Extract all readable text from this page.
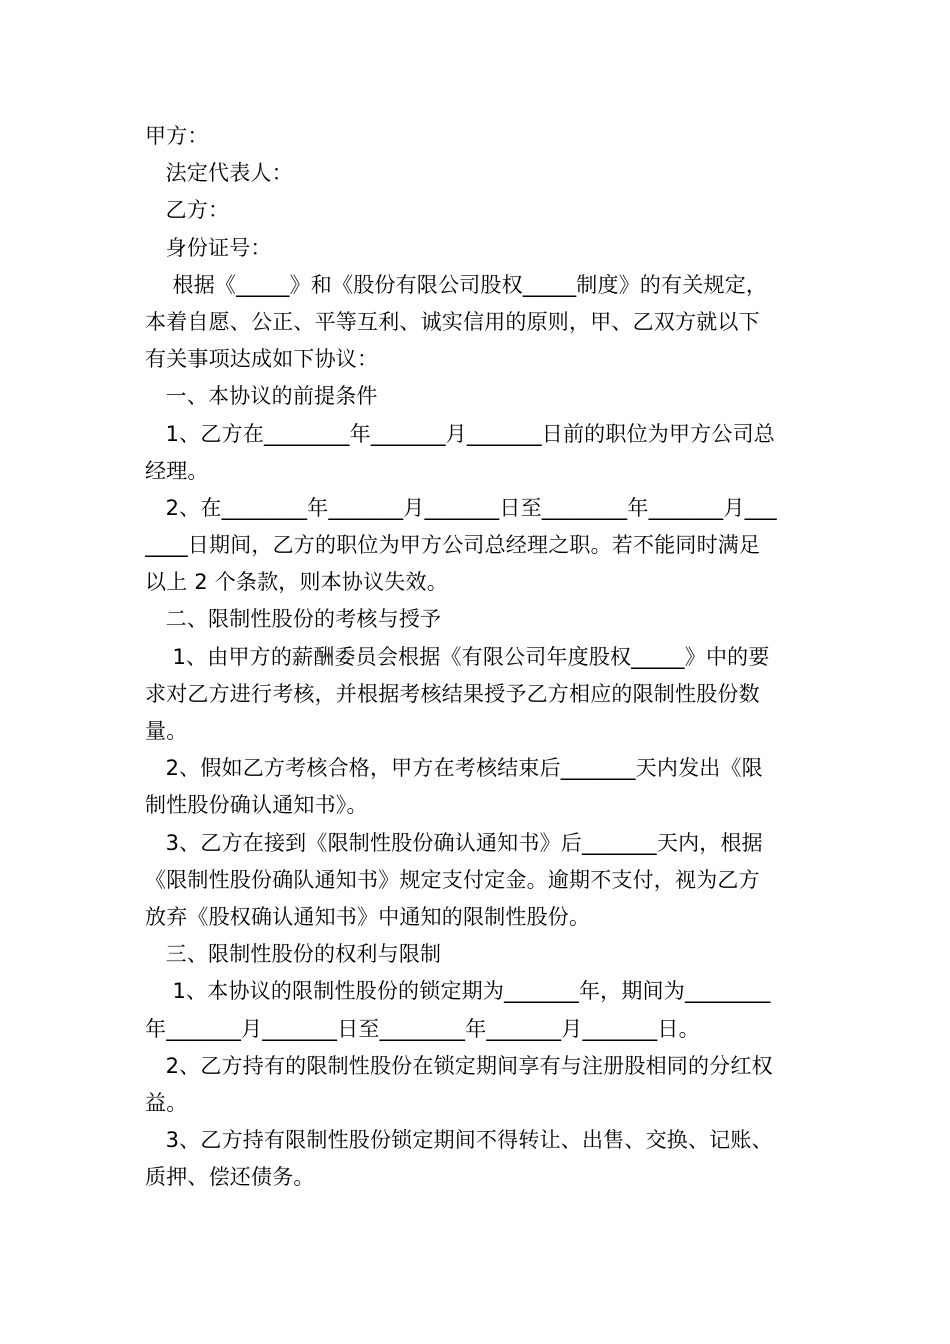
甲方：
法定代表人：
乙方：
身份证号：
根据《_____》和《股份有限公司股权_____制度》的有关规定，
本着自愿、公正、平等互利、诚实信用的原则，甲、乙双方就以下
有关事项达成如下协议：
一、本协议的前提条件
1、乙方在________年_______月_______日前的职位为甲方公司总
经理。
2、在________年_______月_______日至________年_______月___
____日期间，乙方的职位为甲方公司总经理之职。若不能同时满足
以上 2 个条款，则本协议失效。
二、限制性股份的考核与授予
1、由甲方的薪酬委员会根据《有限公司年度股权_____》中的要
求对乙方进行考核，并根据考核结果授予乙方相应的限制性股份数
量。
2、假如乙方考核合格，甲方在考核结束后_______天内发出《限
制性股份确认通知书》。
3、乙方在接到《限制性股份确认通知书》后_______天内，根据
《限制性股份确队通知书》规定支付定金。逾期不支付，视为乙方
放弃《股权确认通知书》中通知的限制性股份。
三、限制性股份的权利与限制
1、本协议的限制性股份的锁定期为_______年，期间为________
年_______月_______日至________年_______月_______日。
2、乙方持有的限制性股份在锁定期间享有与注册股相同的分红权
益。
3、乙方持有限制性股份锁定期间不得转让、出售、交换、记账、
质押、偿还债务。
